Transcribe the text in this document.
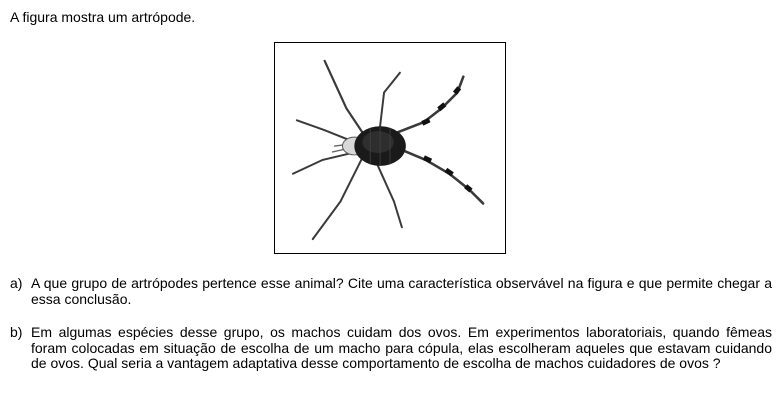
A figura mostra um artrópode.
a) A que grupo de artrópodes pertence esse animal? Cite uma característica observável na figura e que permite chegar a essa conclusão.
b) Em algumas espécies desse grupo, os machos cuidam dos ovos. Em experimentos laboratoriais, quando fêmeas foram colocadas em situação de escolha de um macho para cópula, elas escolheram aqueles que estavam cuidando de ovos. Qual seria a vantagem adaptativa desse comportamento de escolha de machos cuidadores de ovos ?
